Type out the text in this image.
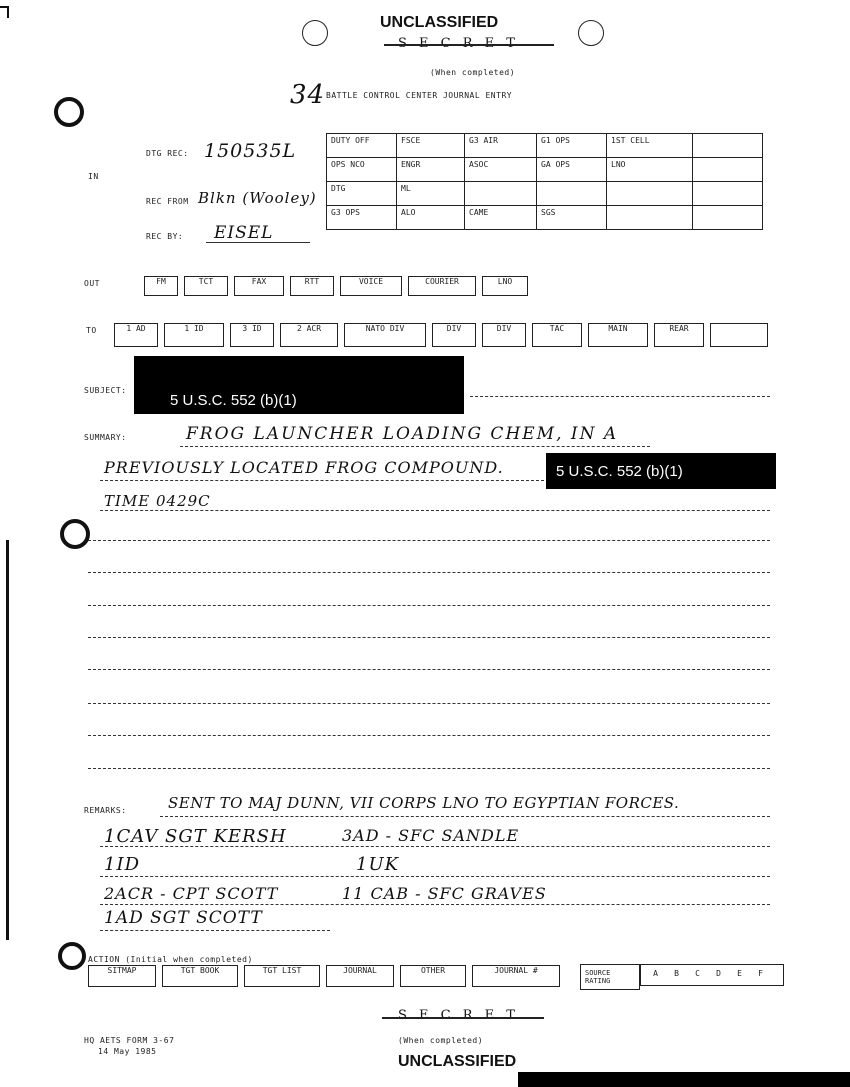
UNCLASSIFIED
S E C R E T
(When completed)
34 BATTLE CONTROL CENTER JOURNAL ENTRY
DTG REC: 150535L
IN
REC FROM Blkn (Wooley)
REC BY: EISEL
DUTY OFF	FSCE	G3 AIR	G1 OPS	1ST CELL
OPS NCO	ENGR	ASOC	GA OPS	LNO
DTG	ML
G3 OPS	ALO	CAME	SGS
OUT	FM	TCT	FAX	RTT	VOICE	COURIER	LNO
TO	1 AD	1 ID	3 ID	2 ACR	NATO DIV	DIV	DIV	TAC	MAIN	REAR
SUBJECT:
5 U.S.C. 552 (b)(1)
SUMMARY:	FROG LAUNCHER LOADING CHEM, IN A
PREVIOUSLY LOCATED FROG COMPOUND.	5 U.S.C. 552 (b)(1)
TIME 0429C
REMARKS:	SENT TO MAJ DUNN, VII CORPS LNO TO EGYPTIAN FORCES.
1CAV SGT KERSH	3AD - SFC SANDLE
1ID	1UK
2ACR - CPT SCOTT	11 CAB - SFC GRAVES
1AD SGT SCOTT
ACTION (Initial when completed)
SITMAP	TGT BOOK	TGT LIST	JOURNAL	OTHER	JOURNAL #	SOURCE RATING
A B C D E F
HQ AETS FORM 3-67
14 May 1985
S E C R E T
(When completed)
UNCLASSIFIED
